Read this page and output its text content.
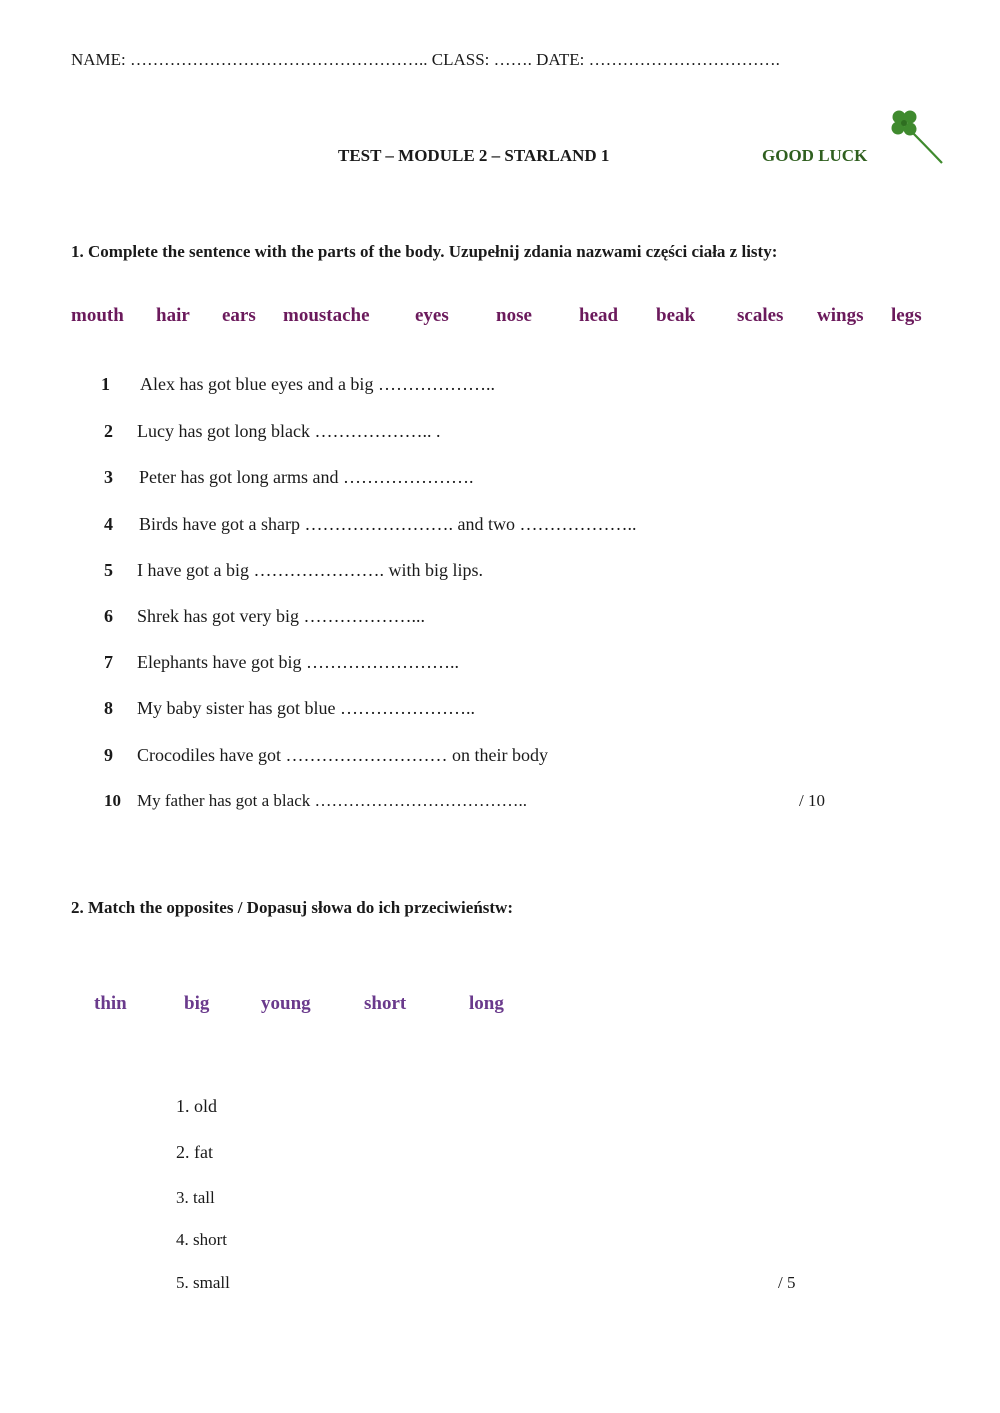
NAME: …………………………………………….. CLASS: ……. DATE: …………………………….
TEST – MODULE 2 – STARLAND 1	GOOD LUCK
1. Complete the sentence with the parts of the body. Uzupełnij zdania nazwami części ciała z listy:
mouth hair ears moustache eyes nose head beak scales wings legs
1 Alex has got blue eyes and a big ………………..
2 Lucy has got long black ……………….. .
3 Peter has got long arms and ………………….
4 Birds have got a sharp ……………………. and two ………………..
5 I have got a big …………………. with big lips.
6 Shrek has got very big ………………...
7 Elephants have got big ……………………..
8 My baby sister has got blue …………………..
9 Crocodiles have got ……………………… on their body
10 My father has got a black ………………………………..	/ 10
2. Match the opposites / Dopasuj słowa do ich przeciwieństw:
thin	big	young	short	long
1. old
2. fat
3. tall
4. short
5. small	/ 5
